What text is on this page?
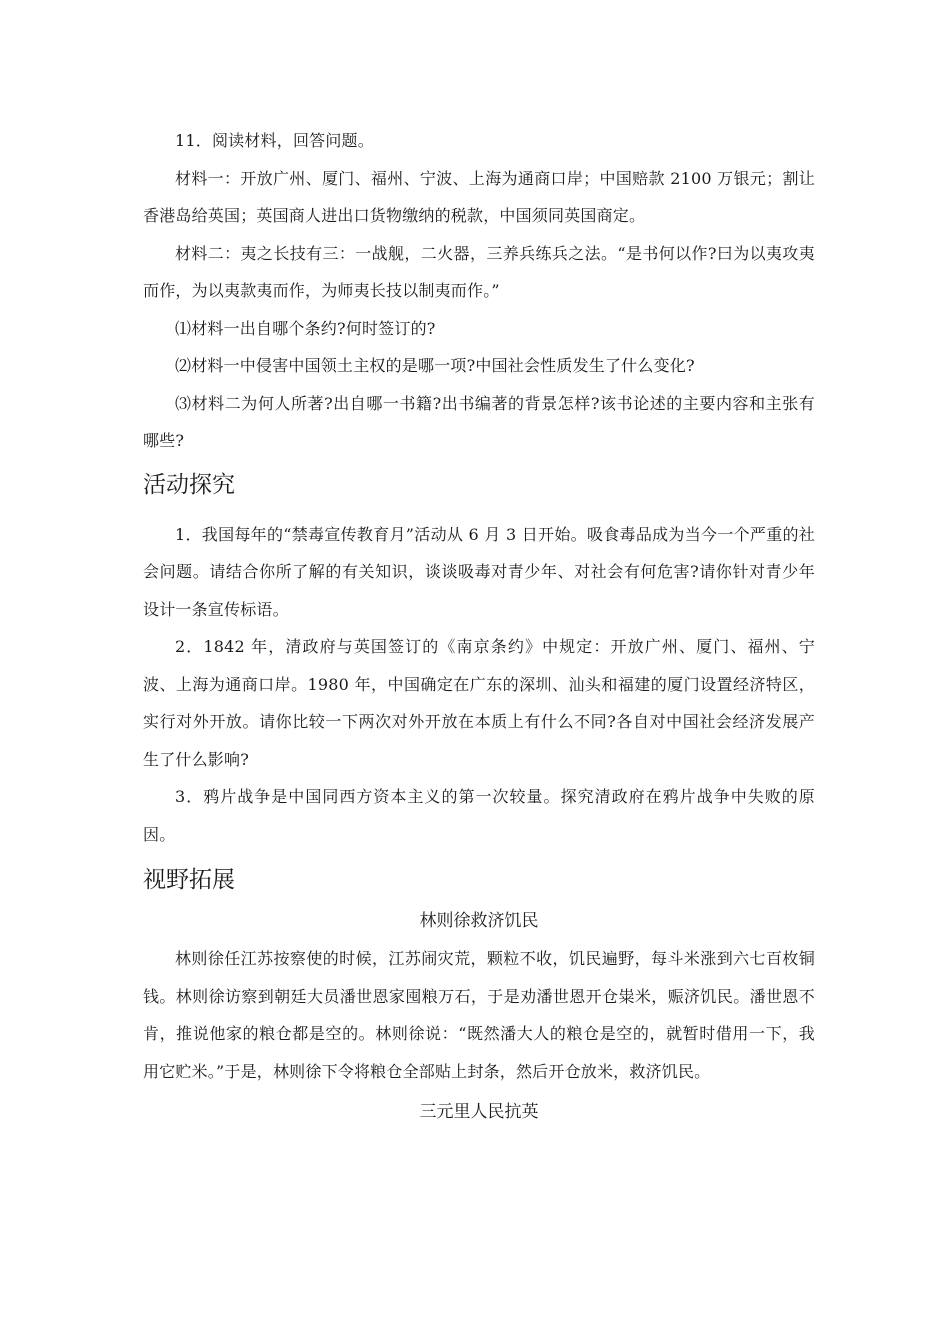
11．阅读材料，回答问题。

材料一：开放广州、厦门、福州、宁波、上海为通商口岸；中国赔款 2100 万银元；割让香港岛给英国；英国商人进出口货物缴纳的税款，中国须同英国商定。

材料二：夷之长技有三：一战舰，二火器，三养兵练兵之法。“是书何以作?曰为以夷攻夷而作，为以夷款夷而作，为师夷长技以制夷而作。”

⑴材料一出自哪个条约?何时签订的?

⑵材料一中侵害中国领土主权的是哪一项?中国社会性质发生了什么变化?

⑶材料二为何人所著?出自哪一书籍?出书编著的背景怎样?该书论述的主要内容和主张有哪些?

活动探究

1．我国每年的“禁毒宣传教育月”活动从 6 月 3 日开始。吸食毒品成为当今一个严重的社会问题。请结合你所了解的有关知识，谈谈吸毒对青少年、对社会有何危害?请你针对青少年设计一条宣传标语。

2．1842 年，清政府与英国签订的《南京条约》中规定：开放广州、厦门、福州、宁波、上海为通商口岸。1980 年，中国确定在广东的深圳、汕头和福建的厦门设置经济特区，实行对外开放。请你比较一下两次对外开放在本质上有什么不同?各自对中国社会经济发展产生了什么影响?

3．鸦片战争是中国同西方资本主义的第一次较量。探究清政府在鸦片战争中失败的原因。

视野拓展

林则徐救济饥民

林则徐任江苏按察使的时候，江苏闹灾荒，颗粒不收，饥民遍野，每斗米涨到六七百枚铜钱。林则徐访察到朝廷大员潘世恩家囤粮万石，于是劝潘世恩开仓粜米，赈济饥民。潘世恩不肯，推说他家的粮仓都是空的。林则徐说：“既然潘大人的粮仓是空的，就暂时借用一下，我用它贮米。”于是，林则徐下令将粮仓全部贴上封条，然后开仓放米，救济饥民。

三元里人民抗英
